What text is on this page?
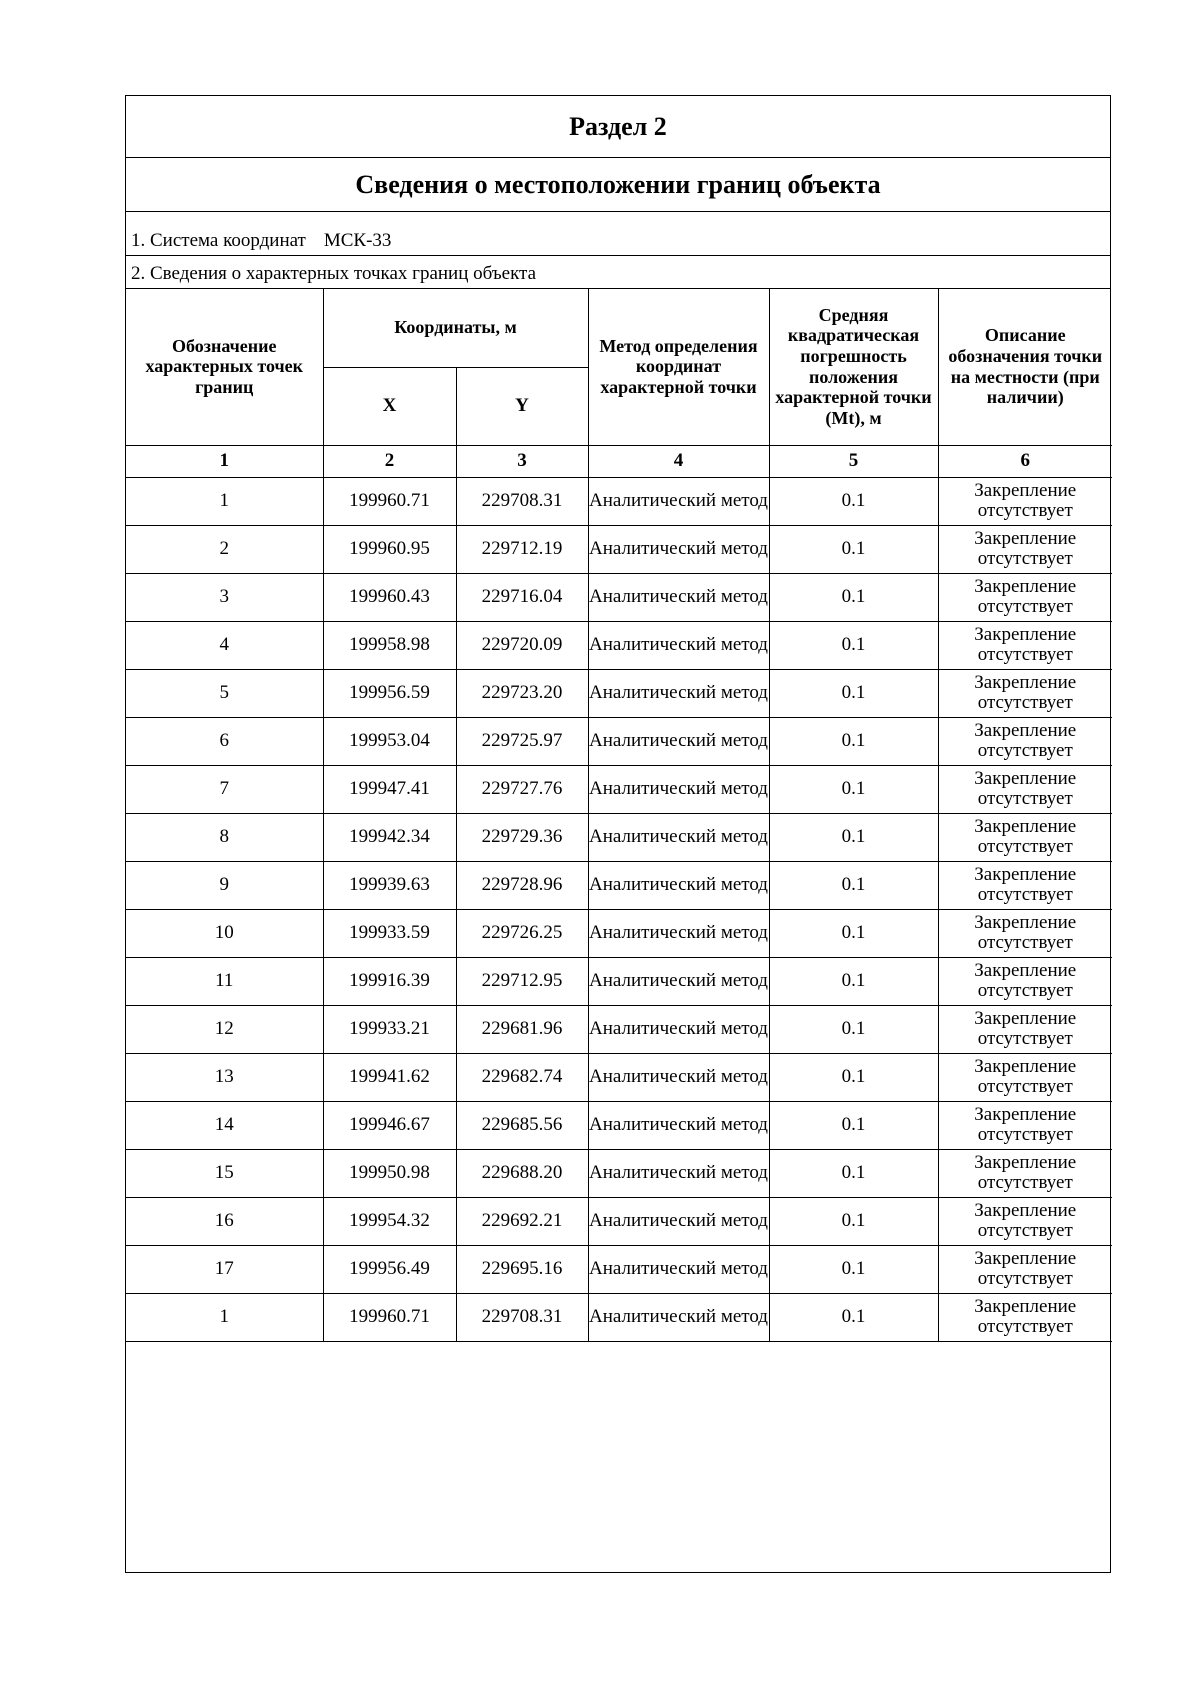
Раздел 2
Сведения о местоположении границ объекта
1. Система координат МСК-33
2. Сведения о характерных точках границ объекта
Обозначение характерных точек границ	Координаты, м		Метод определения координат характерной точки	Средняя квадратическая погрешность положения характерной точки (Mt), м	Описание обозначения точки на местности (при наличии)
	X	Y			
1	2	3	4	5	6
1	199960.71	229708.31	Аналитический метод	0.1	Закрепление отсутствует
2	199960.95	229712.19	Аналитический метод	0.1	Закрепление отсутствует
3	199960.43	229716.04	Аналитический метод	0.1	Закрепление отсутствует
4	199958.98	229720.09	Аналитический метод	0.1	Закрепление отсутствует
5	199956.59	229723.20	Аналитический метод	0.1	Закрепление отсутствует
6	199953.04	229725.97	Аналитический метод	0.1	Закрепление отсутствует
7	199947.41	229727.76	Аналитический метод	0.1	Закрепление отсутствует
8	199942.34	229729.36	Аналитический метод	0.1	Закрепление отсутствует
9	199939.63	229728.96	Аналитический метод	0.1	Закрепление отсутствует
10	199933.59	229726.25	Аналитический метод	0.1	Закрепление отсутствует
11	199916.39	229712.95	Аналитический метод	0.1	Закрепление отсутствует
12	199933.21	229681.96	Аналитический метод	0.1	Закрепление отсутствует
13	199941.62	229682.74	Аналитический метод	0.1	Закрепление отсутствует
14	199946.67	229685.56	Аналитический метод	0.1	Закрепление отсутствует
15	199950.98	229688.20	Аналитический метод	0.1	Закрепление отсутствует
16	199954.32	229692.21	Аналитический метод	0.1	Закрепление отсутствует
17	199956.49	229695.16	Аналитический метод	0.1	Закрепление отсутствует
1	199960.71	229708.31	Аналитический метод	0.1	Закрепление отсутствует
